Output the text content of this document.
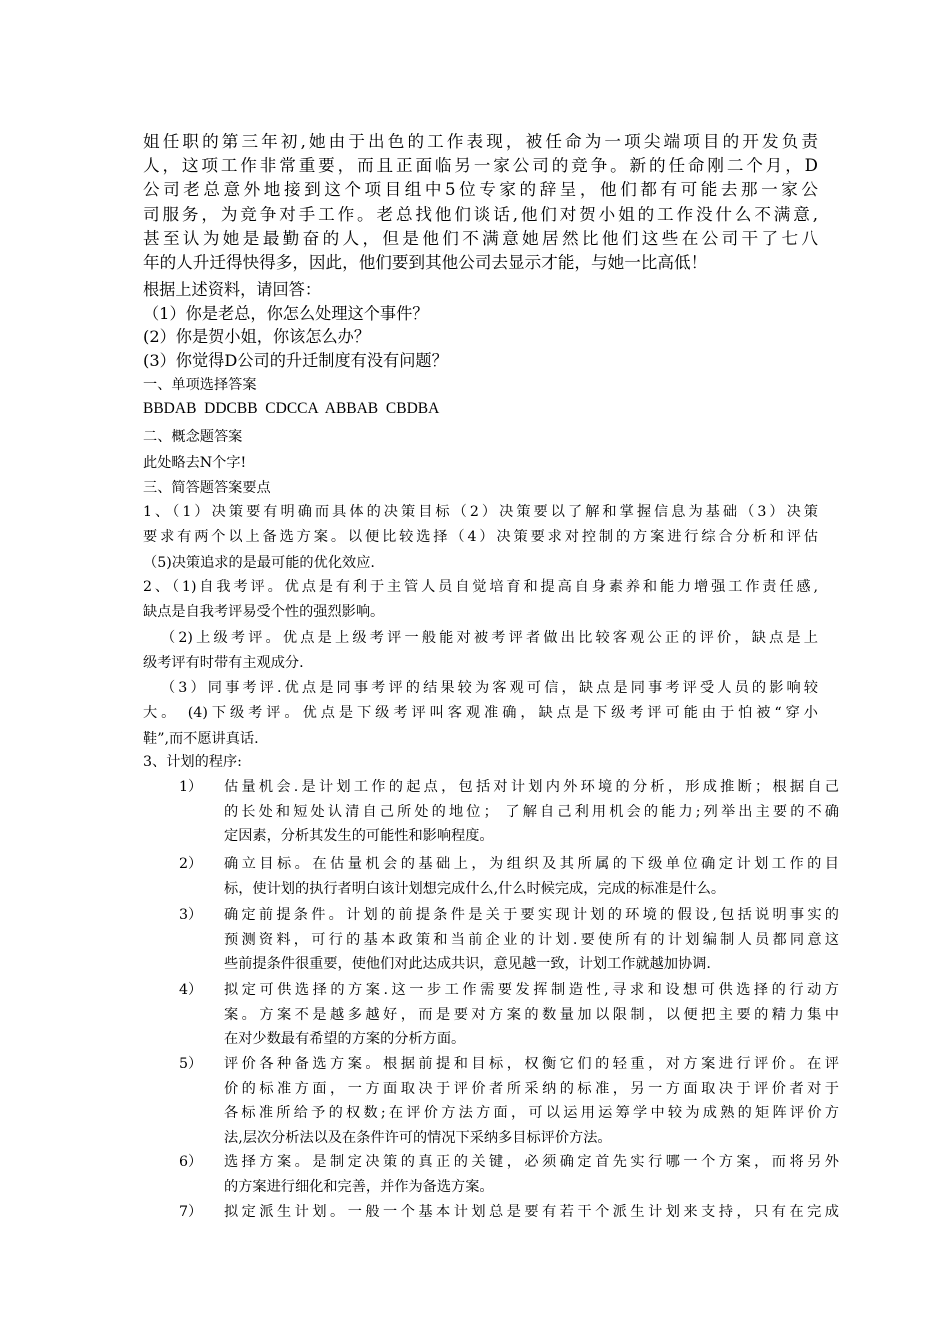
姐任职的第三年初,她由于出色的工作表现，被任命为一项尖端项目的开发负责
人，这项工作非常重要，而且正面临另一家公司的竞争。新的任命刚二个月，D
公司老总意外地接到这个项目组中5位专家的辞呈，他们都有可能去那一家公
司服务，为竞争对手工作。老总找他们谈话,他们对贺小姐的工作没什么不满意,
甚至认为她是最勤奋的人，但是他们不满意她居然比他们这些在公司干了七八
年的人升迁得快得多，因此，他们要到其他公司去显示才能，与她一比高低！
根据上述资料，请回答：
（1）你是老总，你怎么处理这个事件？
(2）你是贺小姐，你该怎么办？
(3）你觉得D公司的升迁制度有没有问题？
一、单项选择答案
BBDAB  DDCBB  CDCCA  ABBAB  CBDBA
二、概念题答案
此处略去N个字!
三、简答题答案要点
1、（1）决策要有明确而具体的决策目标（2）决策要以了解和掌握信息为基础（3）决策
要求有两个以上备选方案。以便比较选择（4）决策要求对控制的方案进行综合分析和评估
（5)决策追求的是最可能的优化效应.
2、（1)自我考评。优点是有利于主管人员自觉培育和提高自身素养和能力增强工作责任感,
缺点是自我考评易受个性的强烈影响。
（2)上级考评。优点是上级考评一般能对被考评者做出比较客观公正的评价，缺点是上
级考评有时带有主观成分.
（3）同事考评.优点是同事考评的结果较为客观可信，缺点是同事考评受人员的影响较
大。 (4)下级考评。优点是下级考评叫客观准确，缺点是下级考评可能由于怕被“穿小
鞋”,而不愿讲真话.
3、计划的程序:
1）	估量机会.是计划工作的起点，包括对计划内外环境的分析，形成推断；根据自己
的长处和短处认清自己所处的地位； 了解自己利用机会的能力;列举出主要的不确
定因素，分析其发生的可能性和影响程度。
2）	确立目标。在估量机会的基础上，为组织及其所属的下级单位确定计划工作的目
标，使计划的执行者明白该计划想完成什么,什么时候完成，完成的标准是什么。
3）	确定前提条件。计划的前提条件是关于要实现计划的环境的假设,包括说明事实的
预测资料，可行的基本政策和当前企业的计划.要使所有的计划编制人员都同意这
些前提条件很重要，使他们对此达成共识，意见越一致，计划工作就越加协调.
4）	拟定可供选择的方案.这一步工作需要发挥制造性,寻求和设想可供选择的行动方
案。方案不是越多越好，而是要对方案的数量加以限制，以便把主要的精力集中
在对少数最有希望的方案的分析方面。
5）	评价各种备选方案。根据前提和目标，权衡它们的轻重，对方案进行评价。在评
价的标准方面，一方面取决于评价者所采纳的标准，另一方面取决于评价者对于
各标准所给予的权数;在评价方法方面，可以运用运筹学中较为成熟的矩阵评价方
法,层次分析法以及在条件许可的情况下采纳多目标评价方法。
6）	选择方案。是制定决策的真正的关键，必须确定首先实行哪一个方案，而将另外
的方案进行细化和完善，并作为备选方案。
7）	拟定派生计划。一般一个基本计划总是要有若干个派生计划来支持，只有在完成
